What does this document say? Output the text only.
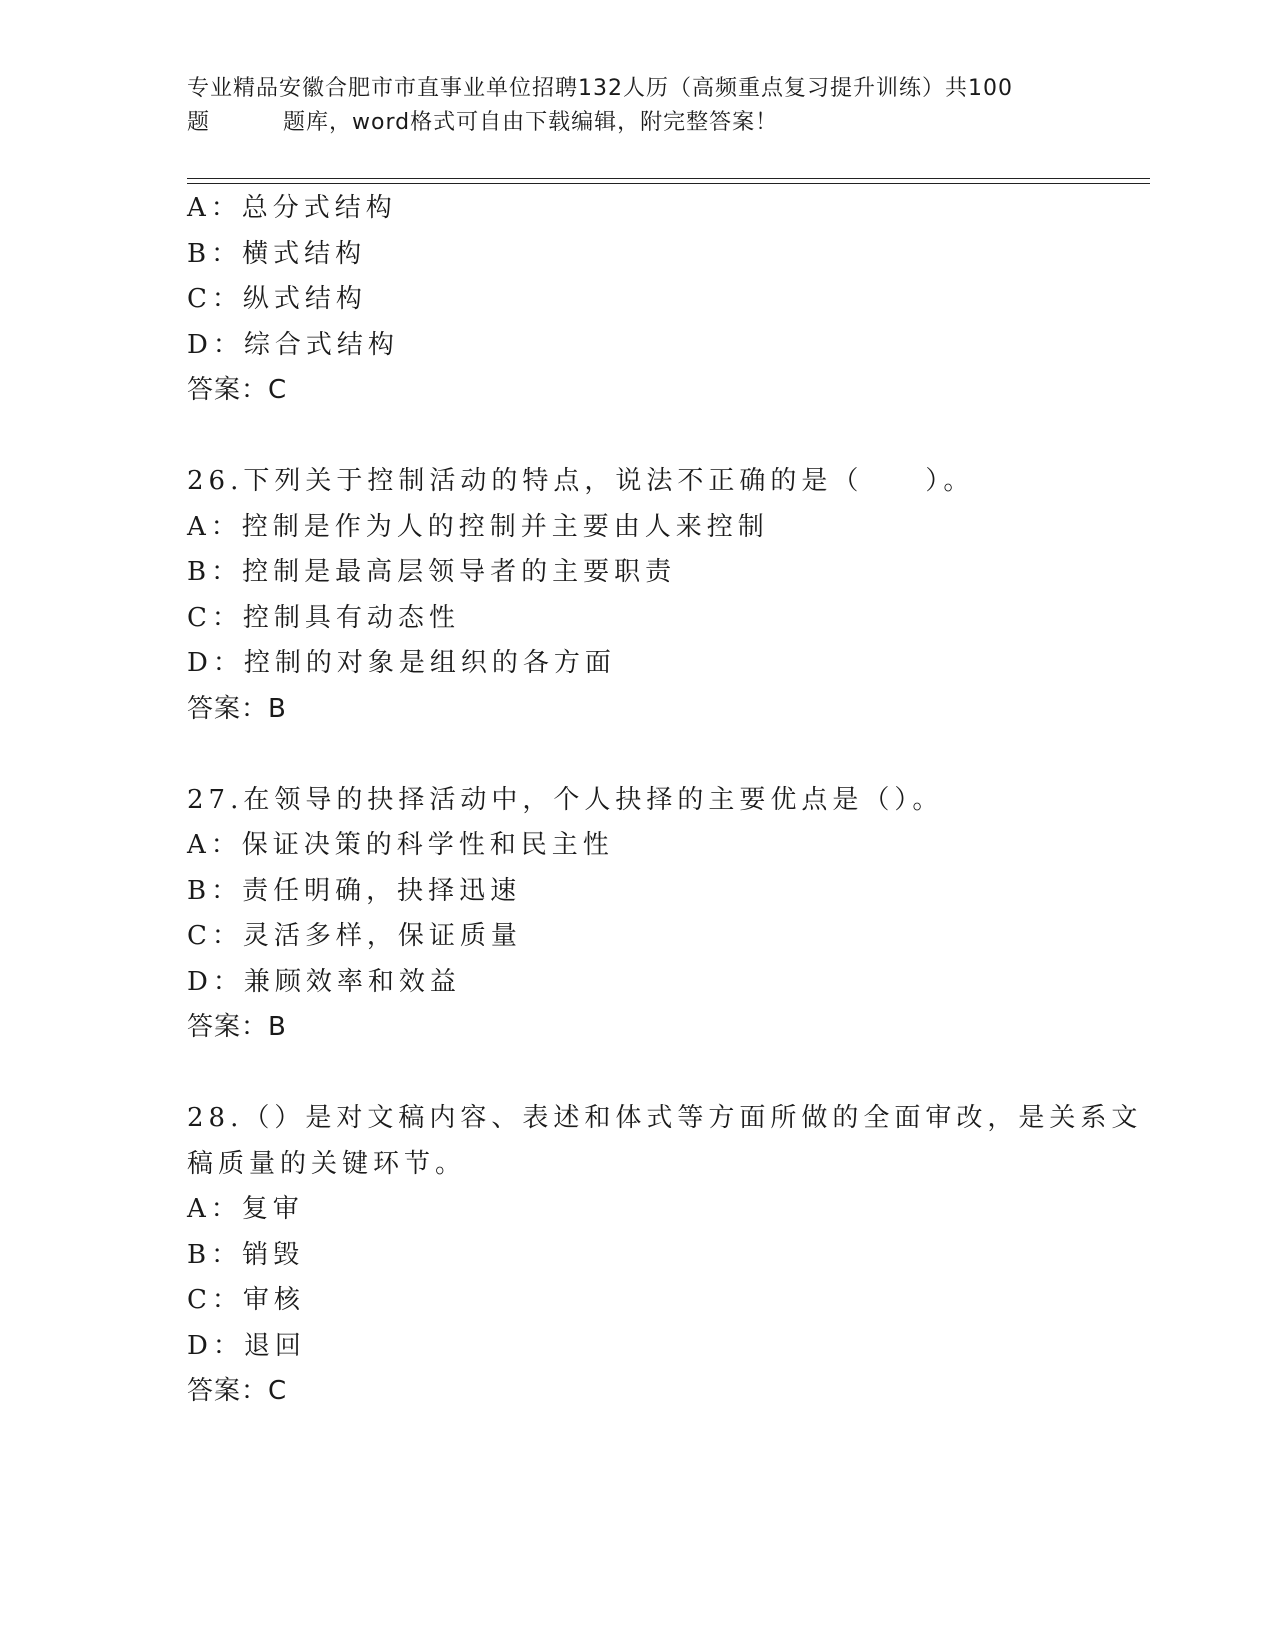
专业精品安徽合肥市市直事业单位招聘132人历（高频重点复习提升训练）共100
题	题库，word格式可自由下载编辑，附完整答案！
A：总分式结构
B：横式结构
C：纵式结构
D：综合式结构
答案：C
26.下列关于控制活动的特点，说法不正确的是（　　）。
A：控制是作为人的控制并主要由人来控制
B：控制是最高层领导者的主要职责
C：控制具有动态性
D：控制的对象是组织的各方面
答案：B
27.在领导的抉择活动中，个人抉择的主要优点是（）。
A：保证决策的科学性和民主性
B：责任明确，抉择迅速
C：灵活多样，保证质量
D：兼顾效率和效益
答案：B
28.（）是对文稿内容、表述和体式等方面所做的全面审改，是关系文
稿质量的关键环节。
A：复审
B：销毁
C：审核
D：退回
答案：C
